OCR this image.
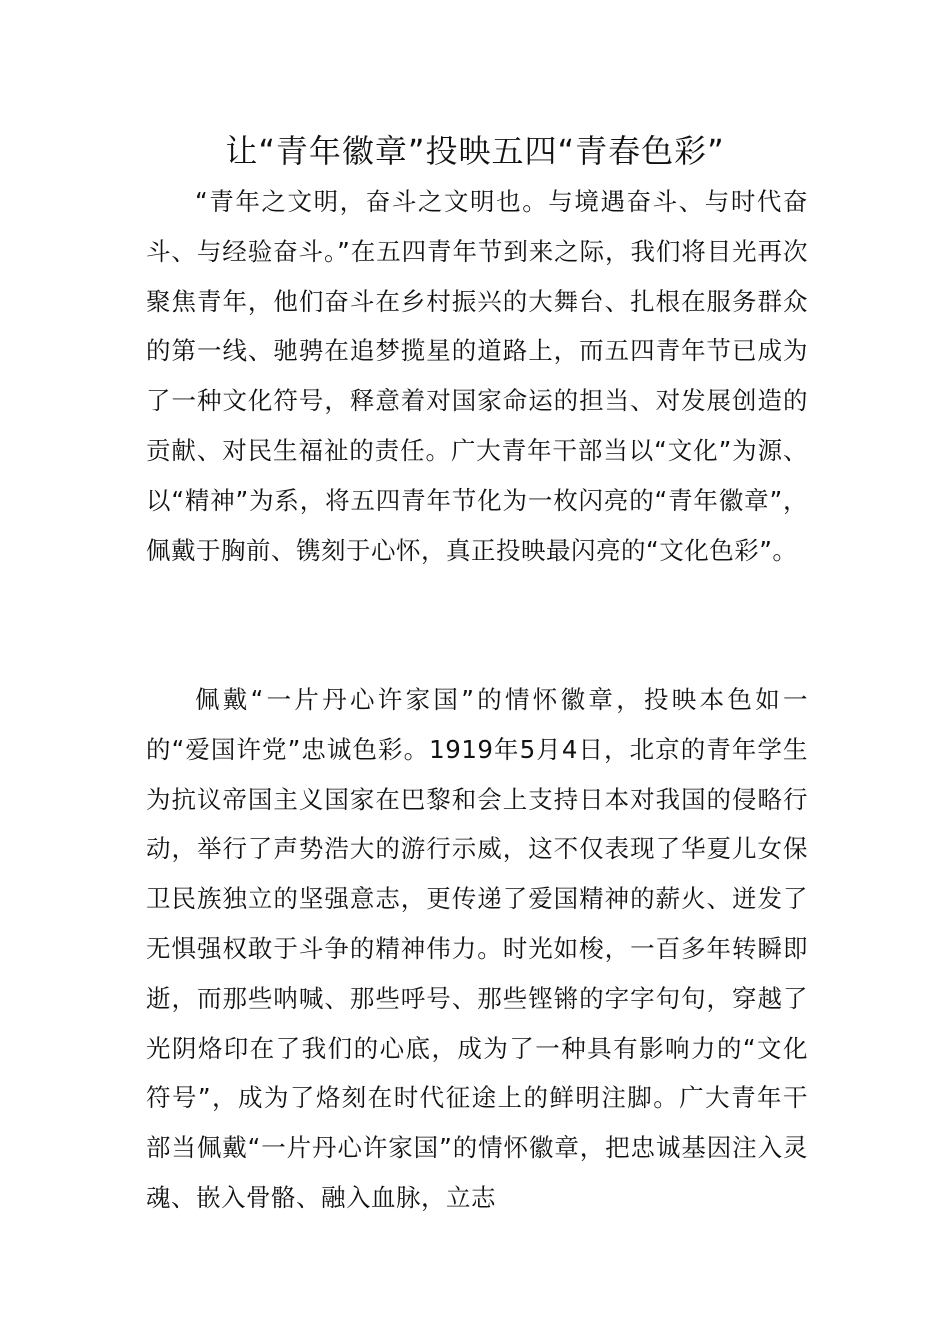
让“青年徽章”投映五四“青春色彩”

“青年之文明，奋斗之文明也。与境遇奋斗、与时代奋斗、与经验奋斗。”在五四青年节到来之际，我们将目光再次聚焦青年，他们奋斗在乡村振兴的大舞台、扎根在服务群众的第一线、驰骋在追梦揽星的道路上，而五四青年节已成为了一种文化符号，释意着对国家命运的担当、对发展创造的贡献、对民生福祉的责任。广大青年干部当以“文化”为源、以“精神”为系，将五四青年节化为一枚闪亮的“青年徽章”，佩戴于胸前、镌刻于心怀，真正投映最闪亮的“文化色彩”。

佩戴“一片丹心许家国”的情怀徽章，投映本色如一的“爱国许党”忠诚色彩。1919年5月4日，北京的青年学生为抗议帝国主义国家在巴黎和会上支持日本对我国的侵略行动，举行了声势浩大的游行示威，这不仅表现了华夏儿女保卫民族独立的坚强意志，更传递了爱国精神的薪火、迸发了无惧强权敢于斗争的精神伟力。时光如梭，一百多年转瞬即逝，而那些呐喊、那些呼号、那些铿锵的字字句句，穿越了光阴烙印在了我们的心底，成为了一种具有影响力的“文化符号”，成为了烙刻在时代征途上的鲜明注脚。广大青年干部当佩戴“一片丹心许家国”的情怀徽章，把忠诚基因注入灵魂、嵌入骨骼、融入血脉，立志
